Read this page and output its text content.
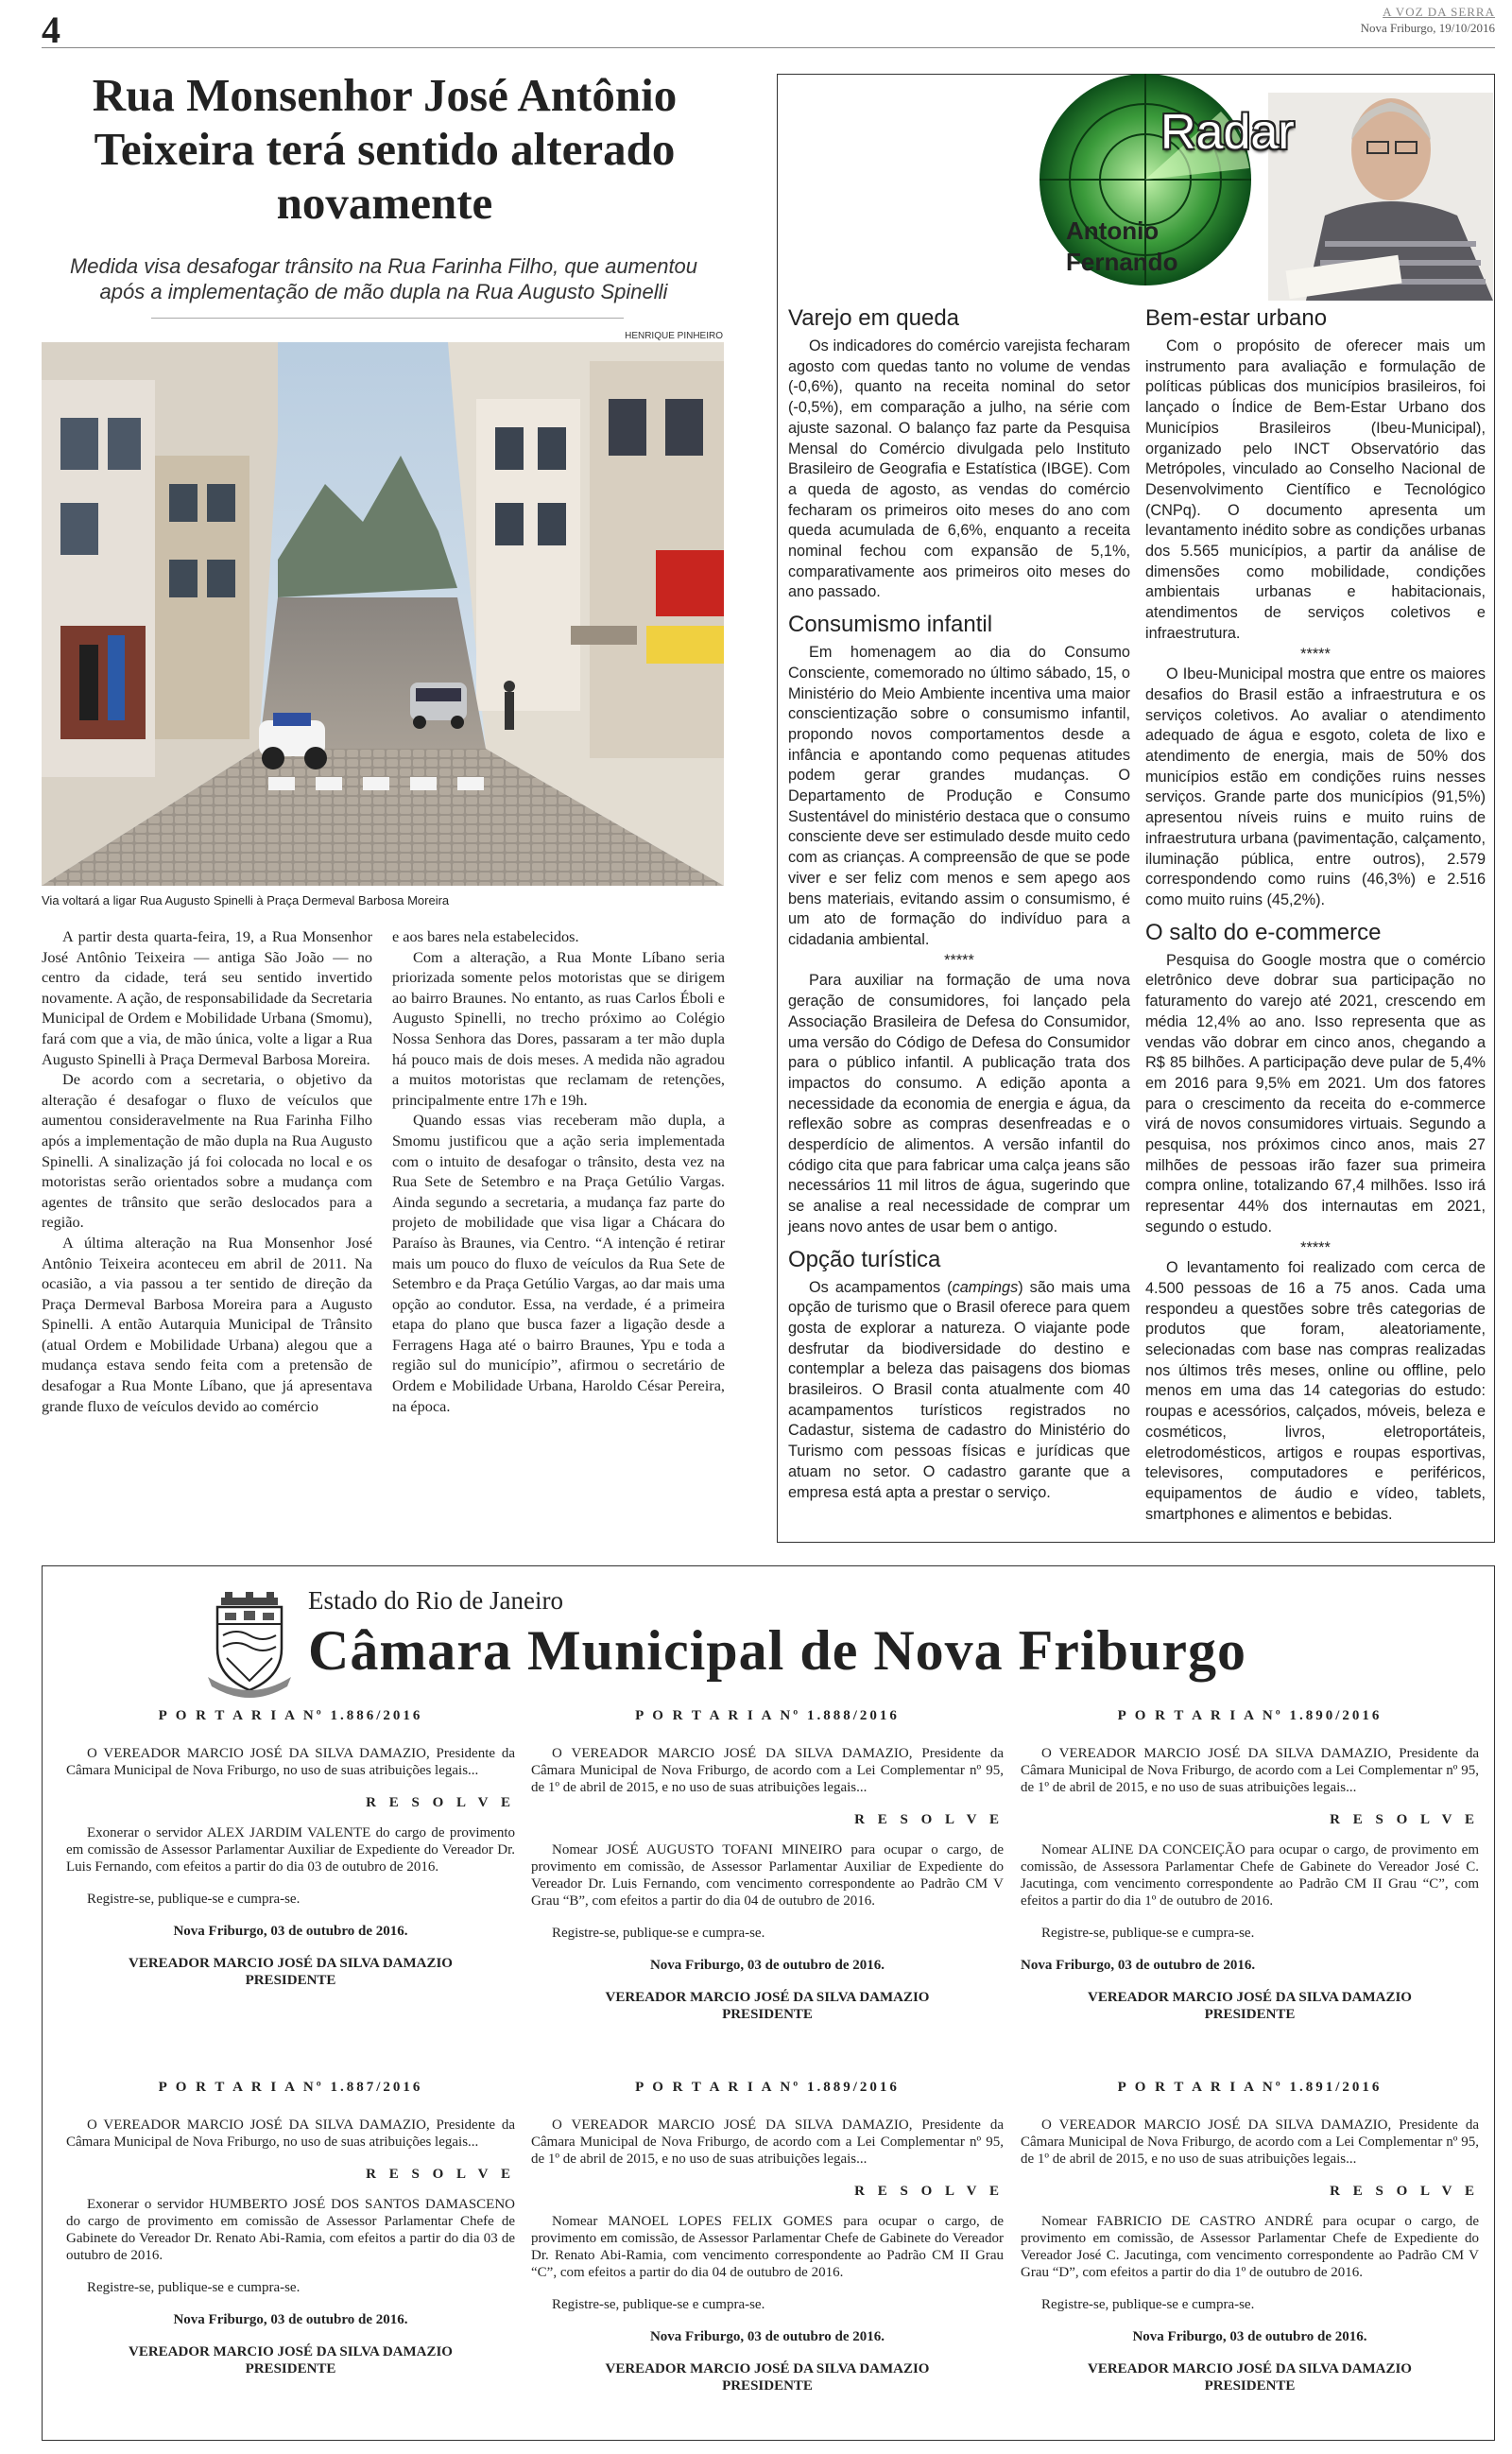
4	A VOZ DA SERRA
Nova Friburgo, 19/10/2016
Rua Monsenhor José Antônio Teixeira terá sentido alterado novamente
Medida visa desafogar trânsito na Rua Farinha Filho, que aumentou após a implementação de mão dupla na Rua Augusto Spinelli
HENRIQUE PINHEIRO
Via voltará a ligar Rua Augusto Spinelli à Praça Dermeval Barbosa Moreira

A partir desta quarta-feira, 19, a Rua Monsenhor José Antônio Teixeira — antiga São João — no centro da cidade, terá seu sentido invertido novamente. A ação, de responsabilidade da Secretaria Municipal de Ordem e Mobilidade Urbana (Smomu), fará com que a via, de mão única, volte a ligar a Rua Augusto Spinelli à Praça Dermeval Barbosa Moreira.

De acordo com a secretaria, o objetivo da alteração é desafogar o fluxo de veículos que aumentou consideravelmente na Rua Farinha Filho após a implementação de mão dupla na Rua Augusto Spinelli. A sinalização já foi colocada no local e os motoristas serão orientados sobre a mudança com agentes de trânsito que serão deslocados para a região.

A última alteração na Rua Monsenhor José Antônio Teixeira aconteceu em abril de 2011. Na ocasião, a via passou a ter sentido de direção da Praça Dermeval Barbosa Moreira para a Augusto Spinelli. A então Autarquia Municipal de Trânsito (atual Ordem e Mobilidade Urbana) alegou que a mudança estava sendo feita com a pretensão de desafogar a Rua Monte Líbano, que já apresentava grande fluxo de veículos devido ao comércio

e aos bares nela estabelecidos.

Com a alteração, a Rua Monte Líbano seria priorizada somente pelos motoristas que se dirigem ao bairro Braunes. No entanto, as ruas Carlos Éboli e Augusto Spinelli, no trecho próximo ao Colégio Nossa Senhora das Dores, passaram a ter mão dupla há pouco mais de dois meses. A medida não agradou a muitos motoristas que reclamam de retenções, principalmente entre 17h e 19h.

Quando essas vias receberam mão dupla, a Smomu justificou que a ação seria implementada com o intuito de desafogar o trânsito, desta vez na Rua Sete de Setembro e na Praça Getúlio Vargas. Ainda segundo a secretaria, a mudança faz parte do projeto de mobilidade que visa ligar a Chácara do Paraíso às Braunes, via Centro. “A intenção é retirar mais um pouco do fluxo de veículos da Rua Sete de Setembro e da Praça Getúlio Vargas, ao dar mais uma opção ao condutor. Essa, na verdade, é a primeira etapa do plano que busca fazer a ligação desde a Ferragens Haga até o bairro Braunes, Ypu e toda a região sul do município”, afirmou o secretário de Ordem e Mobilidade Urbana, Haroldo César Pereira, na época.

Radar
Antonio
Fernando
Varejo em queda

Os indicadores do comércio varejista fecharam agosto com quedas tanto no volume de vendas (-0,6%), quanto na receita nominal do setor (-0,5%), em comparação a julho, na série com ajuste sazonal. O balanço faz parte da Pesquisa Mensal do Comércio divulgada pelo Instituto Brasileiro de Geografia e Estatística (IBGE). Com a queda de agosto, as vendas do comércio fecharam os primeiros oito meses do ano com queda acumulada de 6,6%, enquanto a receita nominal fechou com expansão de 5,1%, comparativamente aos primeiros oito meses do ano passado.

Consumismo infantil

Em homenagem ao dia do Consumo Consciente, comemorado no último sábado, 15, o Ministério do Meio Ambiente incentiva uma maior conscientização sobre o consumismo infantil, propondo novos comportamentos desde a infância e apontando como pequenas atitudes podem gerar grandes mudanças. O Departamento de Produção e Consumo Sustentável do ministério destaca que o consumo consciente deve ser estimulado desde muito cedo com as crianças. A compreensão de que se pode viver e ser feliz com menos e sem apego aos bens materiais, evitando assim o consumismo, é um ato de formação do indivíduo para a cidadania ambiental.

*****

Para auxiliar na formação de uma nova geração de consumidores, foi lançado pela Associação Brasileira de Defesa do Consumidor, uma versão do Código de Defesa do Consumidor para o público infantil. A publicação trata dos impactos do consumo. A edição aponta a necessidade da economia de energia e água, da reflexão sobre as compras desenfreadas e o desperdício de alimentos. A versão infantil do código cita que para fabricar uma calça jeans são necessários 11 mil litros de água, sugerindo que se analise a real necessidade de comprar um jeans novo antes de usar bem o antigo.

Opção turística

Os acampamentos (campings) são mais uma opção de turismo que o Brasil oferece para quem gosta de explorar a natureza. O viajante pode desfrutar da biodiversidade do destino e contemplar a beleza das paisagens dos biomas brasileiros. O Brasil conta atualmente com 40 acampamentos turísticos registrados no Cadastur, sistema de cadastro do Ministério do Turismo com pessoas físicas e jurídicas que atuam no setor. O cadastro garante que a empresa está apta a prestar o serviço.

Bem-estar urbano

Com o propósito de oferecer mais um instrumento para avaliação e formulação de políticas públicas dos municípios brasileiros, foi lançado o Índice de Bem-Estar Urbano dos Municípios Brasileiros (Ibeu-Municipal), organizado pelo INCT Observatório das Metrópoles, vinculado ao Conselho Nacional de Desenvolvimento Científico e Tecnológico (CNPq). O documento apresenta um levantamento inédito sobre as condições urbanas dos 5.565 municípios, a partir da análise de dimensões como mobilidade, condições ambientais urbanas e habitacionais, atendimentos de serviços coletivos e infraestrutura.

*****

O Ibeu-Municipal mostra que entre os maiores desafios do Brasil estão a infraestrutura e os serviços coletivos. Ao avaliar o atendimento adequado de água e esgoto, coleta de lixo e atendimento de energia, mais de 50% dos municípios estão em condições ruins nesses serviços. Grande parte dos municípios (91,5%) apresentou níveis ruins e muito ruins de infraestrutura urbana (pavimentação, calçamento, iluminação pública, entre outros), 2.579 correspondendo como ruins (46,3%) e 2.516 como muito ruins (45,2%).

O salto do e-commerce

Pesquisa do Google mostra que o comércio eletrônico deve dobrar sua participação no faturamento do varejo até 2021, crescendo em média 12,4% ao ano. Isso representa que as vendas vão dobrar em cinco anos, chegando a R$ 85 bilhões. A participação deve pular de 5,4% em 2016 para 9,5% em 2021. Um dos fatores para o crescimento da receita do e-commerce virá de novos consumidores virtuais. Segundo a pesquisa, nos próximos cinco anos, mais 27 milhões de pessoas irão fazer sua primeira compra online, totalizando 67,4 milhões. Isso irá representar 44% dos internautas em 2021, segundo o estudo.

*****

O levantamento foi realizado com cerca de 4.500 pessoas de 16 a 75 anos. Cada uma respondeu a questões sobre três categorias de produtos que foram, aleatoriamente, selecionadas com base nas compras realizadas nos últimos três meses, online ou offline, pelo menos em uma das 14 categorias do estudo: roupas e acessórios, calçados, móveis, beleza e cosméticos, livros, eletroportáteis, eletrodomésticos, artigos e roupas esportivas, televisores, computadores e periféricos, equipamentos de áudio e vídeo, tablets, smartphones e alimentos e bebidas.

Estado do Rio de Janeiro
Câmara Municipal de Nova Friburgo
P O R T A R I A Nº 1.886/2016

O VEREADOR MARCIO JOSÉ DA SILVA DAMAZIO, Presidente da Câmara Municipal de Nova Friburgo, no uso de suas atribuições legais...

R E S O L V E

Exonerar o servidor ALEX JARDIM VALENTE do cargo de provimento em comissão de Assessor Parlamentar Auxiliar de Expediente do Vereador Dr. Luis Fernando, com efeitos a partir do dia 03 de outubro de 2016.

Registre-se, publique-se e cumpra-se.
Nova Friburgo, 03 de outubro de 2016.
VEREADOR MARCIO JOSÉ DA SILVA DAMAZIO
PRESIDENTE
P O R T A R I A Nº 1.888/2016

O VEREADOR MARCIO JOSÉ DA SILVA DAMAZIO, Presidente da Câmara Municipal de Nova Friburgo, de acordo com a Lei Complementar nº 95, de 1º de abril de 2015, e no uso de suas atribuições legais...

R E S O L V E

Nomear JOSÉ AUGUSTO TOFANI MINEIRO para ocupar o cargo, de provimento em comissão, de Assessor Parlamentar Auxiliar de Expediente do Vereador Dr. Luis Fernando, com vencimento correspondente ao Padrão CM V Grau “B”, com efeitos a partir do dia 04 de outubro de 2016.

Registre-se, publique-se e cumpra-se.
Nova Friburgo, 03 de outubro de 2016.
VEREADOR MARCIO JOSÉ DA SILVA DAMAZIO
PRESIDENTE
P O R T A R I A Nº 1.890/2016

O VEREADOR MARCIO JOSÉ DA SILVA DAMAZIO, Presidente da Câmara Municipal de Nova Friburgo, de acordo com a Lei Complementar nº 95, de 1º de abril de 2015, e no uso de suas atribuições legais...

R E S O L V E

Nomear ALINE DA CONCEIÇÃO para ocupar o cargo, de provimento em comissão, de Assessora Parlamentar Chefe de Gabinete do Vereador José C. Jacutinga, com vencimento correspondente ao Padrão CM II Grau “C”, com efeitos a partir do dia 1º de outubro de 2016.

Registre-se, publique-se e cumpra-se.
Nova Friburgo, 03 de outubro de 2016.
VEREADOR MARCIO JOSÉ DA SILVA DAMAZIO
PRESIDENTE
P O R T A R I A Nº 1.887/2016

O VEREADOR MARCIO JOSÉ DA SILVA DAMAZIO, Presidente da Câmara Municipal de Nova Friburgo, no uso de suas atribuições legais...

R E S O L V E

Exonerar o servidor HUMBERTO JOSÉ DOS SANTOS DAMASCENO do cargo de provimento em comissão de Assessor Parlamentar Chefe de Gabinete do Vereador Dr. Renato Abi-Ramia, com efeitos a partir do dia 03 de outubro de 2016.

Registre-se, publique-se e cumpra-se.
Nova Friburgo, 03 de outubro de 2016.
VEREADOR MARCIO JOSÉ DA SILVA DAMAZIO
PRESIDENTE
P O R T A R I A Nº 1.889/2016

O VEREADOR MARCIO JOSÉ DA SILVA DAMAZIO, Presidente da Câmara Municipal de Nova Friburgo, de acordo com a Lei Complementar nº 95, de 1º de abril de 2015, e no uso de suas atribuições legais...

R E S O L V E

Nomear MANOEL LOPES FELIX GOMES para ocupar o cargo, de provimento em comissão, de Assessor Parlamentar Chefe de Gabinete do Vereador Dr. Renato Abi-Ramia, com vencimento correspondente ao Padrão CM II Grau “C”, com efeitos a partir do dia 04 de outubro de 2016.

Registre-se, publique-se e cumpra-se.
Nova Friburgo, 03 de outubro de 2016.
VEREADOR MARCIO JOSÉ DA SILVA DAMAZIO
PRESIDENTE
P O R T A R I A Nº 1.891/2016

O VEREADOR MARCIO JOSÉ DA SILVA DAMAZIO, Presidente da Câmara Municipal de Nova Friburgo, de acordo com a Lei Complementar nº 95, de 1º de abril de 2015, e no uso de suas atribuições legais...

R E S O L V E

Nomear FABRICIO DE CASTRO ANDRÉ para ocupar o cargo, de provimento em comissão, de Assessor Parlamentar Chefe de Expediente do Vereador José C. Jacutinga, com vencimento correspondente ao Padrão CM V Grau “D”, com efeitos a partir do dia 1º de outubro de 2016.

Registre-se, publique-se e cumpra-se.
Nova Friburgo, 03 de outubro de 2016.
VEREADOR MARCIO JOSÉ DA SILVA DAMAZIO
PRESIDENTE
